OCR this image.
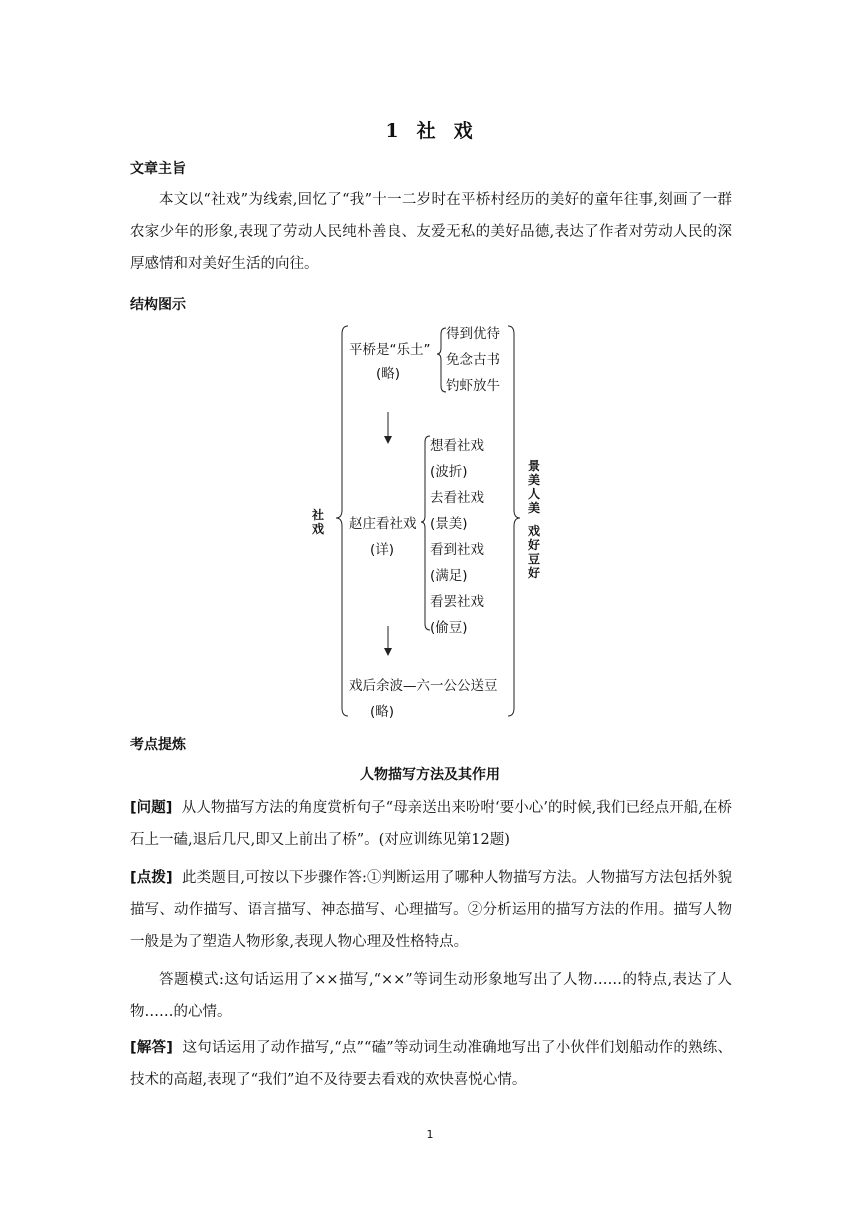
1 社 戏
文章主旨
本文以“社戏”为线索,回忆了“我”十一二岁时在平桥村经历的美好的童年往事,刻画了一群农家少年的形象,表现了劳动人民纯朴善良、友爱无私的美好品德,表达了作者对劳动人民的深厚感情和对美好生活的向往。
结构图示
平桥是“乐土”
(略)
得到优待
免念古书
钓虾放牛
赵庄看社戏
(详)
想看社戏
(波折)
去看社戏
(景美)
看到社戏
(满足)
看罢社戏
(偷豆)
戏后余波—六一公公送豆
(略)
社
戏
景美人美
戏好豆好
考点提炼
人物描写方法及其作用
[问题] 从人物描写方法的角度赏析句子“母亲送出来吩咐‘要小心’的时候,我们已经点开船,在桥石上一磕,退后几尺,即又上前出了桥”。(对应训练见第12题)
[点拨] 此类题目,可按以下步骤作答:①判断运用了哪种人物描写方法。人物描写方法包括外貌描写、动作描写、语言描写、神态描写、心理描写。②分析运用的描写方法的作用。描写人物一般是为了塑造人物形象,表现人物心理及性格特点。
答题模式:这句话运用了××描写,“××”等词生动形象地写出了人物……的特点,表达了人物……的心情。
[解答] 这句话运用了动作描写,“点”“磕”等动词生动准确地写出了小伙伴们划船动作的熟练、技术的高超,表现了“我们”迫不及待要去看戏的欢快喜悦心情。
1
